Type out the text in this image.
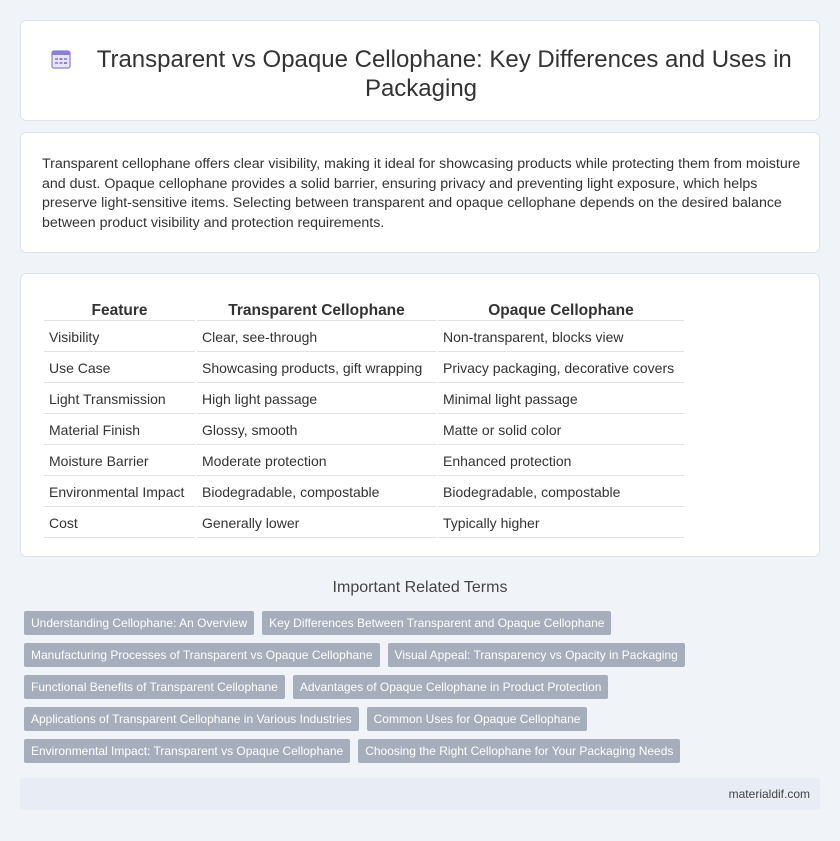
Transparent vs Opaque Cellophane: Key Differences and Uses in Packaging

Transparent cellophane offers clear visibility, making it ideal for showcasing products while protecting them from moisture and dust. Opaque cellophane provides a solid barrier, ensuring privacy and preventing light exposure, which helps preserve light-sensitive items. Selecting between transparent and opaque cellophane depends on the desired balance between product visibility and protection requirements.

Feature	Transparent Cellophane	Opaque Cellophane
Visibility	Clear, see-through	Non-transparent, blocks view
Use Case	Showcasing products, gift wrapping	Privacy packaging, decorative covers
Light Transmission	High light passage	Minimal light passage
Material Finish	Glossy, smooth	Matte or solid color
Moisture Barrier	Moderate protection	Enhanced protection
Environmental Impact	Biodegradable, compostable	Biodegradable, compostable
Cost	Generally lower	Typically higher
Important Related Terms
Understanding Cellophane: An Overview	Key Differences Between Transparent and Opaque Cellophane
Manufacturing Processes of Transparent vs Opaque Cellophane	Visual Appeal: Transparency vs Opacity in Packaging
Functional Benefits of Transparent Cellophane	Advantages of Opaque Cellophane in Product Protection
Applications of Transparent Cellophane in Various Industries	Common Uses for Opaque Cellophane
Environmental Impact: Transparent vs Opaque Cellophane	Choosing the Right Cellophane for Your Packaging Needs
materialdif.com
